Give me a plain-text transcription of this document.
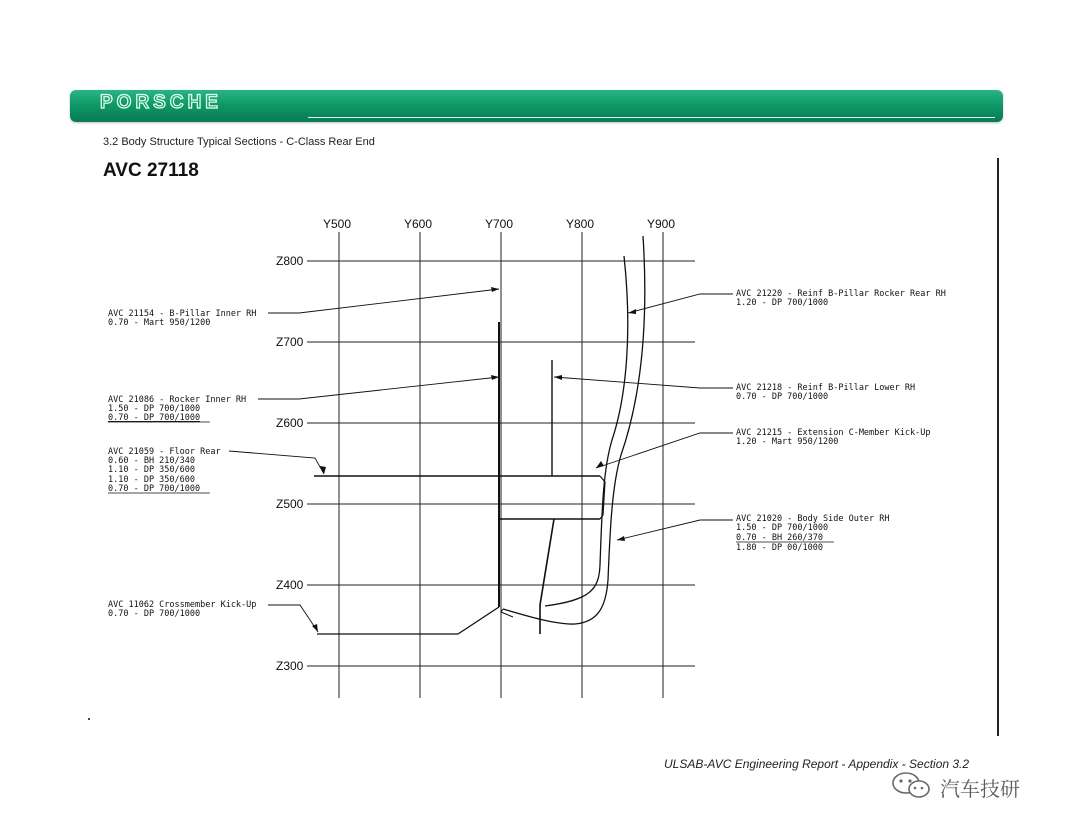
PORSCHE
3.2 Body Structure Typical Sections - C-Class Rear End
AVC 27118
Y500	Y600	Y700	Y800	Y900
Z800
Z700
Z600
Z500
Z400
Z300
AVC 21154 - B-Pillar Inner RH
0.70 - Mart 950/1200
AVC 21086 - Rocker Inner RH
1.50 - DP 700/1000
0.70 - DP 700/1000
AVC 21059 - Floor Rear
0.60 - BH 210/340
1.10 - DP 350/600
1.10 - DP 350/600
0.70 - DP 700/1000
AVC 11062 Crossmember Kick-Up
0.70 - DP 700/1000
AVC 21220 - Reinf B-Pillar Rocker Rear RH
1.20 - DP 700/1000
AVC 21218 - Reinf B-Pillar Lower RH
0.70 - DP 700/1000
AVC 21215 - Extension C-Member Kick-Up
1.20 - Mart 950/1200
AVC 21020 - Body Side Outer RH
1.50 - DP 700/1000
0.70 - BH 260/370
1.80 - DP 00/1000
ULSAB-AVC Engineering Report - Appendix - Section 3.2
汽车技研
